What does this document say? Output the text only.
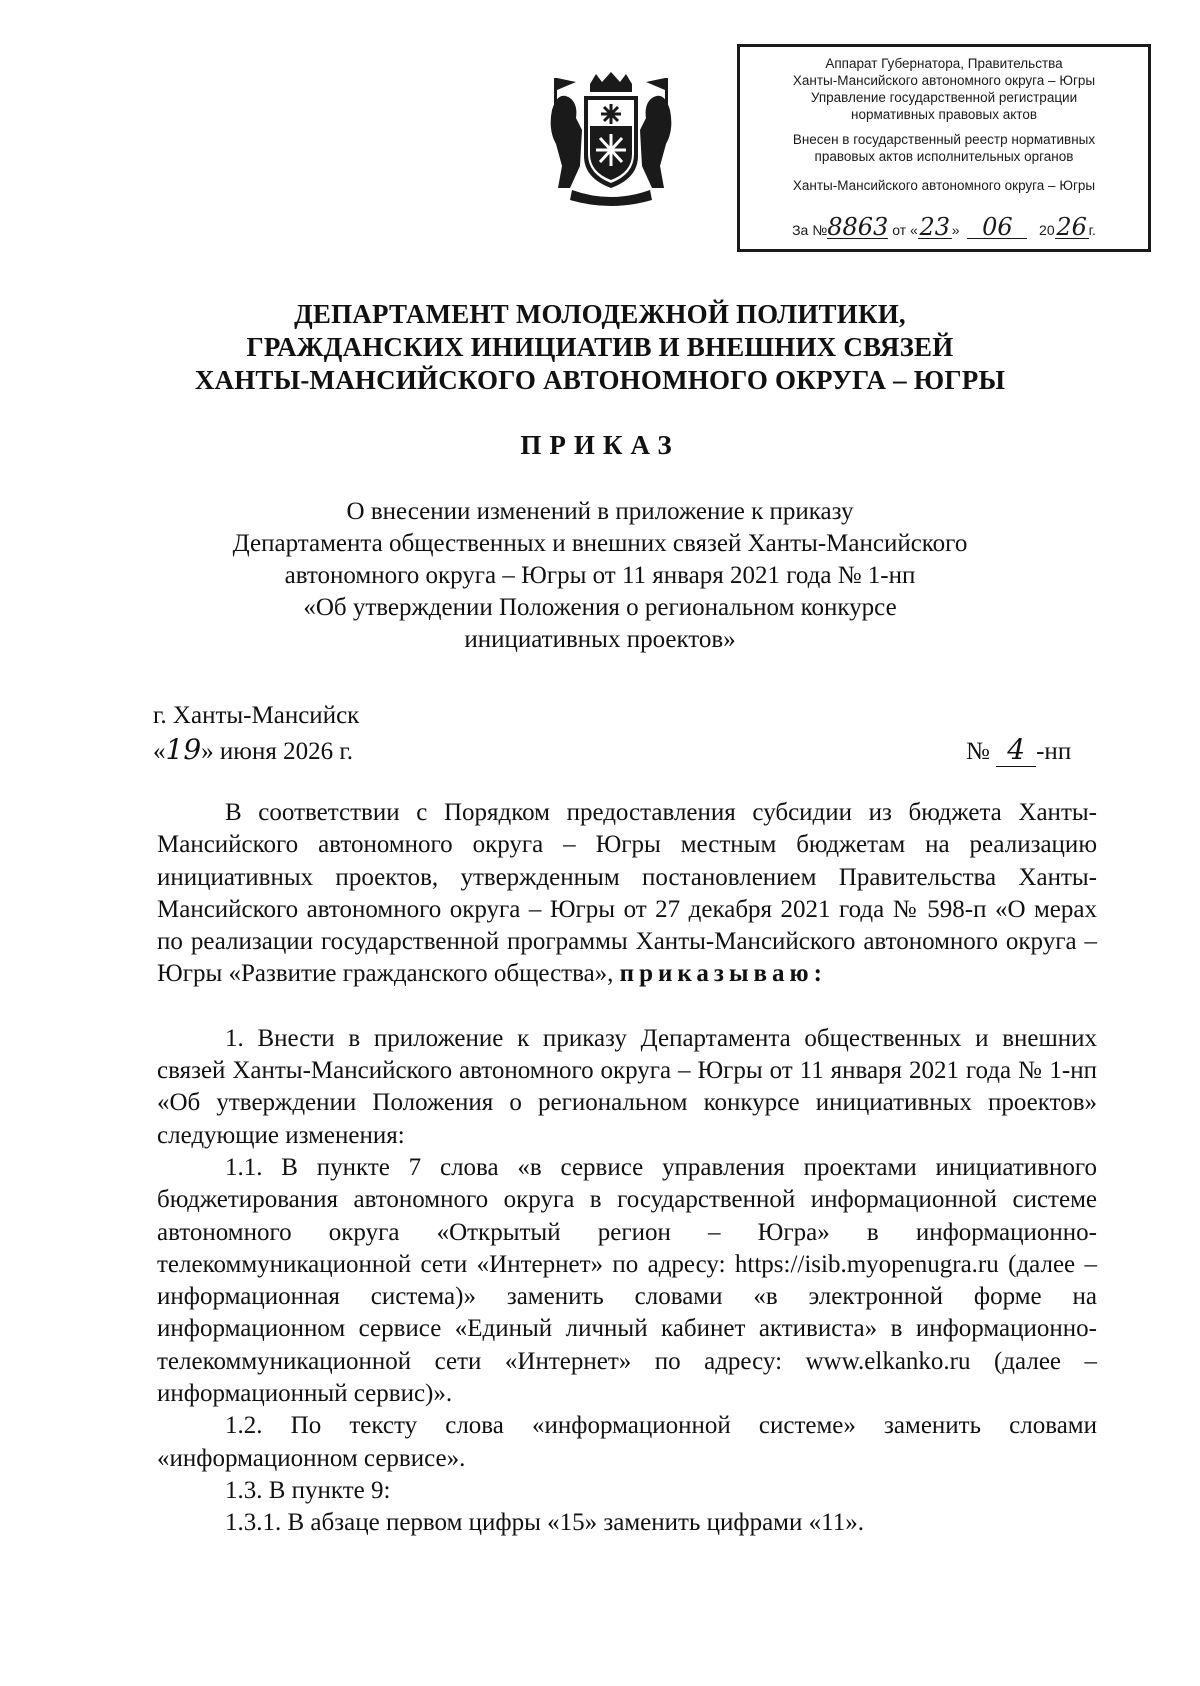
Аппарат Губернатора, Правительства
Ханты-Мансийского автономного округа – Югры
Управление государственной регистрации
нормативных правовых актов
Внесен в государственный реестр нормативных
правовых актов исполнительных органов
Ханты-Мансийского автономного округа – Югры
За №8863 от «23 » 06 2026 г.
ДЕПАРТАМЕНТ МОЛОДЕЖНОЙ ПОЛИТИКИ,
ГРАЖДАНСКИХ ИНИЦИАТИВ И ВНЕШНИХ СВЯЗЕЙ
ХАНТЫ-МАНСИЙСКОГО АВТОНОМНОГО ОКРУГА – ЮГРЫ
ПРИКАЗ
О внесении изменений в приложение к приказу
Департамента общественных и внешних связей Ханты-Мансийского
автономного округа – Югры от 11 января 2021 года № 1-нп
«Об утверждении Положения о региональном конкурсе
инициативных проектов»
г. Ханты-Мансийск
«19» июня 2026 г.	№ 4 -нп

В соответствии с Порядком предоставления субсидии из бюджета Ханты-Мансийского автономного округа – Югры местным бюджетам на реализацию инициативных проектов, утвержденным постановлением Правительства Ханты-Мансийского автономного округа – Югры от 27 декабря 2021 года № 598-п «О мерах по реализации государственной программы Ханты-Мансийского автономного округа – Югры «Развитие гражданского общества», приказываю:

1. Внести в приложение к приказу Департамента общественных и внешних связей Ханты-Мансийского автономного округа – Югры от 11 января 2021 года № 1-нп «Об утверждении Положения о региональном конкурсе инициативных проектов» следующие изменения:

1.1. В пункте 7 слова «в сервисе управления проектами инициативного бюджетирования автономного округа в государственной информационной системе автономного округа «Открытый регион – Югра» в информационно-телекоммуникационной сети «Интернет» по адресу: https://isib.myopenugra.ru (далее – информационная система)» заменить словами «в электронной форме на информационном сервисе «Единый личный кабинет активиста» в информационно-телекоммуникационной сети «Интернет» по адресу: www.elkanko.ru (далее – информационный сервис)».

1.2. По тексту слова «информационной системе» заменить словами «информационном сервисе».

1.3. В пункте 9:

1.3.1. В абзаце первом цифры «15» заменить цифрами «11».
